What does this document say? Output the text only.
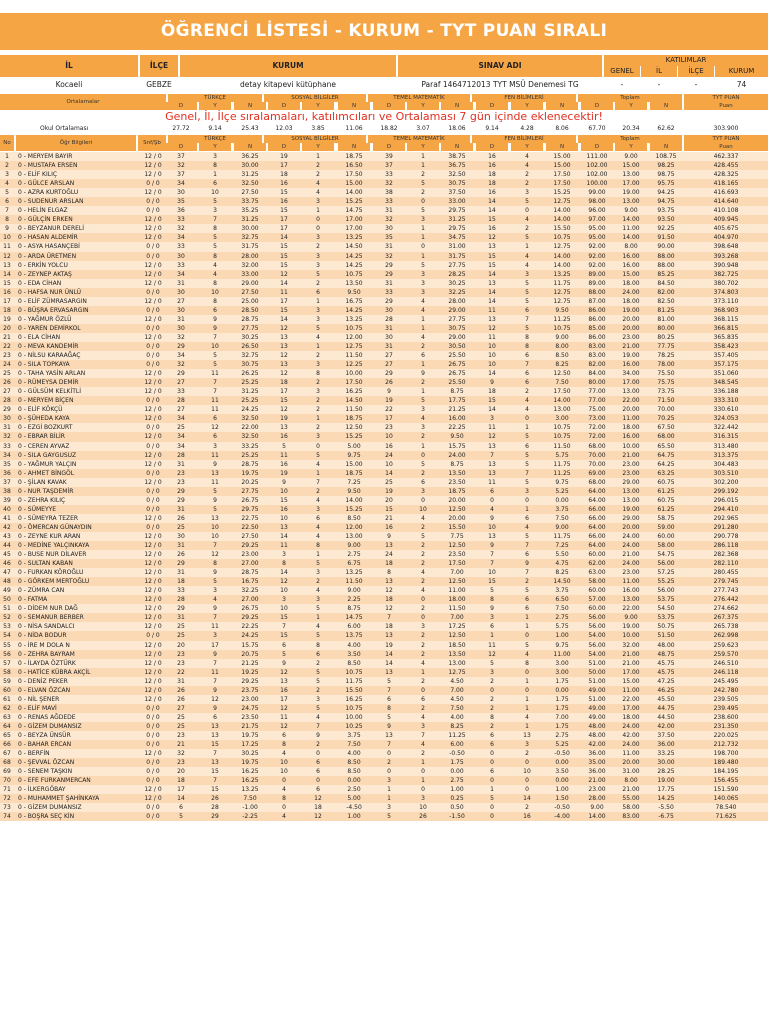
ÖĞRENCİ LİSTESİ - KURUM - TYT PUAN SIRALI
İL	İLÇE	KURUM	SINAV ADI
KATILIMLAR
GENEL	İL	İLÇE	KURUM
Kocaeli	GEBZE	detay kitapevi kütüphane	Paraf 1464712013 TYT MSÜ Denemesi TG	-	-	-	74
Ortalamalar
TÜRKÇE	SOSYAL BİLGİLER	TEMEL MATEMATİK	FEN BİLİMLERİ	Toplam	TYT PUAN
D	Y	N	D	Y	N	D	Y	N	D	Y	N	D	Y	N	Puan
Genel, İl, İlçe sıralamaları, katılımcıları ve Ortalaması 7 gün içinde eklenecektir!
Okul Ortalaması	27.72	9.14	25.43	12.03	3.85	11.06	18.82	3.07	18.06	9.14	4.28	8.06	67.70	20.34	62.62	303.900
No	Öğr Bilgileri	Snf/Şb
TÜRKÇE	SOSYAL BİLGİLER	TEMEL MATEMATİK	FEN BİLİMLERİ	Toplam	TYT PUAN
D	Y	N	D	Y	N	D	Y	N	D	Y	N	D	Y	N	Puan
1	0 - MERYEM BAYIR	12 / 0	37	3	36.25	19	1	18.75	39	1	38.75	16	4	15.00	111.00	9.00	108.75	462.337
2	0 - MUSTAFA ERSEN	12 / 0	32	8	30.00	17	2	16.50	37	1	36.75	16	4	15.00	102.00	15.00	98.25	428.455
3	0 - ELİF KILIÇ	12 / 0	37	1	31.25	18	2	17.50	33	2	32.50	18	2	17.50	102.00	13.00	98.75	428.325
4	0 - GÜLCE ARSLAN	0 / 0	34	6	32.50	16	4	15.00	32	5	30.75	18	2	17.50	100.00	17.00	95.75	418.165
5	0 - AZRA KURTOĞLU	12 / 0	30	10	27.50	15	4	14.00	38	2	37.50	16	3	15.25	99.00	19.00	94.25	416.693
6	0 - SUDENUR ARSLAN	0 / 0	35	5	33.75	16	3	15.25	33	0	33.00	14	5	12.75	98.00	13.00	94.75	414.640
7	0 - HELİN ELGAZ	0 / 0	36	3	35.25	15	1	14.75	31	5	29.75	14	0	14.00	96.00	9.00	93.75	410.108
8	0 - GÜLÇİN ERKEN	12 / 0	33	7	31.25	17	0	17.00	32	3	31.25	15	4	14.00	97.00	14.00	93.50	409.945
9	0 - BEYZANUR DERELİ	12 / 0	32	8	30.00	17	0	17.00	30	1	29.75	16	2	15.50	95.00	11.00	92.25	405.675
10	0 - HASAN ALDEMİR	12 / 0	34	5	32.75	14	3	13.25	35	1	34.75	12	5	10.75	95.00	14.00	91.50	404.970
11	0 - ASYA HASANÇEBİ	0 / 0	33	5	31.75	15	2	14.50	31	0	31.00	13	1	12.75	92.00	8.00	90.00	398.648
12	0 - ARDA ÜRETMEN	0 / 0	30	8	28.00	15	3	14.25	32	1	31.75	15	4	14.00	92.00	16.00	88.00	393.268
13	0 - ERKİN YOLCU	12 / 0	33	4	32.00	15	3	14.25	29	5	27.75	15	4	14.00	92.00	16.00	88.00	390.948
14	0 - ZEYNEP AKTAŞ	12 / 0	34	4	33.00	12	5	10.75	29	3	28.25	14	3	13.25	89.00	15.00	85.25	382.725
15	0 - EDA CİHAN	12 / 0	31	8	29.00	14	2	13.50	31	3	30.25	13	5	11.75	89.00	18.00	84.50	380.702
16	0 - HAFSA NUR ÜNLÜ	0 / 0	30	10	27.50	11	6	9.50	33	3	32.25	14	5	12.75	88.00	24.00	82.00	374.803
17	0 - ELİF ZÜMRASARGIN	12 / 0	27	8	25.00	17	1	16.75	29	4	28.00	14	5	12.75	87.00	18.00	82.50	373.110
18	0 - BÜŞRA ERVASARGIN	0 / 0	30	6	28.50	15	3	14.25	30	4	29.00	11	6	9.50	86.00	19.00	81.25	368.903
19	0 - YAĞMUR ÖZLÜ	12 / 0	31	9	28.75	14	3	13.25	28	1	27.75	13	7	11.25	86.00	20.00	81.00	368.115
20	0 - YAREN DEMİRKOL	0 / 0	30	9	27.75	12	5	10.75	31	1	30.75	12	5	10.75	85.00	20.00	80.00	366.815
21	0 - ELA CİHAN	12 / 0	32	7	30.25	13	4	12.00	30	4	29.00	11	8	9.00	86.00	23.00	80.25	365.835
22	0 - MEVA KANDEMİR	0 / 0	29	10	26.50	13	1	12.75	31	2	30.50	10	8	8.00	83.00	21.00	77.75	358.423
23	0 - NİLSU KARAAĞAÇ	0 / 0	34	5	32.75	12	2	11.50	27	6	25.50	10	6	8.50	83.00	19.00	78.25	357.405
24	0 - SILA TOPKAYA	0 / 0	32	5	30.75	13	3	12.25	27	1	26.75	10	7	8.25	82.00	16.00	78.00	357.175
25	0 - TAHA YASİN ARLAN	12 / 0	29	11	26.25	12	8	10.00	29	9	26.75	14	6	12.50	84.00	34.00	75.50	351.060
26	0 - RÜMEYSA DEMİR	12 / 0	27	7	25.25	18	2	17.50	26	2	25.50	9	6	7.50	80.00	17.00	75.75	348.545
27	0 - GÜLSÜM KELKİTLİ	12 / 0	33	7	31.25	17	3	16.25	9	1	8.75	18	2	17.50	77.00	13.00	73.75	336.188
28	0 - MERYEM BİÇEN	0 / 0	28	11	25.25	15	2	14.50	19	5	17.75	15	4	14.00	77.00	22.00	71.50	333.310
29	0 - ELİF KÖKÇÜ	12 / 0	27	11	24.25	12	2	11.50	22	3	21.25	14	4	13.00	75.00	20.00	70.00	330.610
30	0 - ŞÜHEDA KAYA	12 / 0	34	6	32.50	19	1	18.75	17	4	16.00	3	0	3.00	73.00	11.00	70.25	324.053
31	0 - EZGİ BOZKURT	0 / 0	25	12	22.00	13	2	12.50	23	3	22.25	11	1	10.75	72.00	18.00	67.50	322.442
32	0 - EBRAR BİLİR	12 / 0	34	6	32.50	16	3	15.25	10	2	9.50	12	5	10.75	72.00	16.00	68.00	316.315
33	0 - CEREN AYVAZ	0 / 0	34	3	33.25	5	0	5.00	16	1	15.75	13	6	11.50	68.00	10.00	65.50	313.480
34	0 - SILA GAYGUSUZ	12 / 0	28	11	25.25	11	5	9.75	24	0	24.00	7	5	5.75	70.00	21.00	64.75	313.375
35	0 - YAĞMUR YALÇIN	12 / 0	31	9	28.75	16	4	15.00	10	5	8.75	13	5	11.75	70.00	23.00	64.25	304.483
36	0 - AHMET BİNGÖL	0 / 0	23	13	19.75	19	1	18.75	14	2	13.50	13	7	11.25	69.00	23.00	63.25	303.510
37	0 - ŞİLAN KAVAK	12 / 0	23	11	20.25	9	7	7.25	25	6	23.50	11	5	9.75	68.00	29.00	60.75	302.200
38	0 - NUR TAŞDEMİR	0 / 0	29	5	27.75	10	2	9.50	19	3	18.75	6	3	5.25	64.00	13.00	61.25	299.192
39	0 - ZEHRA KILIÇ	0 / 0	29	9	26.75	15	4	14.00	20	0	20.00	0	0	0.00	64.00	13.00	60.75	296.015
40	0 - SÜMEYYE	0 / 0	31	5	29.75	16	3	15.25	15	10	12.50	4	1	3.75	66.00	19.00	61.25	294.410
41	0 - SÜMEYRA TEZER	12 / 0	26	13	22.75	10	6	8.50	21	4	20.00	9	6	7.50	66.00	29.00	58.75	292.965
42	0 - ÖMERCAN GÜNAYDIN	0 / 0	25	10	22.50	13	4	12.00	16	2	15.50	10	4	9.00	64.00	20.00	59.00	291.280
43	0 - ZEYNE KUR ARAN	12 / 0	30	10	27.50	14	4	13.00	9	5	7.75	13	5	11.75	66.00	24.00	60.00	290.778
44	0 - MEDİNE YALÇINKAYA	12 / 0	31	7	29.25	11	8	9.00	13	2	12.50	9	7	7.25	64.00	24.00	58.00	286.118
45	0 - BUSE NUR DİLAVER	12 / 0	26	12	23.00	3	1	2.75	24	2	23.50	7	6	5.50	60.00	21.00	54.75	282.368
46	0 - SULTAN KABAN	12 / 0	29	8	27.00	8	5	6.75	18	2	17.50	7	9	4.75	62.00	24.00	56.00	282.110
47	0 - FURKAN KÖROĞLU	12 / 0	31	9	28.75	14	3	13.25	8	4	7.00	10	7	8.25	63.00	23.00	57.25	280.455
48	0 - GÖRKEM MERTOĞLU	12 / 0	18	5	16.75	12	2	11.50	13	2	12.50	15	2	14.50	58.00	11.00	55.25	279.745
49	0 - ZÜMRA CAN	12 / 0	33	3	32.25	10	4	9.00	12	4	11.00	5	5	3.75	60.00	16.00	56.00	277.743
50	0 - FATMA	12 / 0	28	4	27.00	3	3	2.25	18	0	18.00	8	6	6.50	57.00	13.00	53.75	276.442
51	0 - DİDEM NUR DAĞ	12 / 0	29	9	26.75	10	5	8.75	12	2	11.50	9	6	7.50	60.00	22.00	54.50	274.662
52	0 - SEMANUR BERBER	12 / 0	31	7	29.25	15	1	14.75	7	0	7.00	3	1	2.75	56.00	9.00	53.75	267.375
53	0 - NİSA SANDALCI	12 / 0	25	11	22.25	7	4	6.00	18	3	17.25	6	1	5.75	56.00	19.00	50.75	265.738
54	0 - NİDA BODUR	0 / 0	25	3	24.25	15	5	13.75	13	2	12.50	1	0	1.00	54.00	10.00	51.50	262.998
55	0 - İRE M DOLA N	12 / 0	20	17	15.75	6	8	4.00	19	2	18.50	11	5	9.75	56.00	32.00	48.00	259.623
56	0 - ZEHRA BAYRAM	12 / 0	23	9	20.75	5	6	3.50	14	2	13.50	12	4	11.00	54.00	21.00	48.75	259.570
57	0 - İLAYDA ÖZTÜRK	12 / 0	23	7	21.25	9	2	8.50	14	4	13.00	5	8	3.00	51.00	21.00	45.75	246.510
58	0 - HATİCE KÜBRA AKÇİL	12 / 0	22	11	19.25	12	5	10.75	13	1	12.75	3	0	3.00	50.00	17.00	45.75	246.118
59	0 - DENİZ PEKER	12 / 0	31	7	29.25	13	5	11.75	5	2	4.50	2	1	1.75	51.00	15.00	47.25	245.495
60	0 - ELVAN ÖZCAN	12 / 0	26	9	23.75	16	2	15.50	7	0	7.00	0	0	0.00	49.00	11.00	46.25	242.780
61	0 - NİL ŞENER	12 / 0	26	12	23.00	17	3	16.25	6	6	4.50	2	1	1.75	51.00	22.00	45.50	239.505
62	0 - ELİF MAVİ	0 / 0	27	9	24.75	12	5	10.75	8	2	7.50	2	1	1.75	49.00	17.00	44.75	239.495
63	0 - RENAS AĞDEDE	0 / 0	25	6	23.50	11	4	10.00	5	4	4.00	8	4	7.00	49.00	18.00	44.50	238.600
64	0 - GİZEM DUMANSIZ	0 / 0	25	13	21.75	12	7	10.25	9	3	8.25	2	1	1.75	48.00	24.00	42.00	231.350
65	0 - BEYZA ÜNSÜR	0 / 0	23	13	19.75	6	9	3.75	13	7	11.25	6	13	2.75	48.00	42.00	37.50	220.025
66	0 - BAHAR ERCAN	0 / 0	21	15	17.25	8	2	7.50	7	4	6.00	6	3	5.25	42.00	24.00	36.00	212.732
67	0 - BERFİN	12 / 0	32	7	30.25	4	0	4.00	0	2	-0.50	0	2	-0.50	36.00	11.00	33.25	198.700
68	0 - ŞEVVAL ÖZCAN	0 / 0	23	13	19.75	10	6	8.50	2	1	1.75	0	0	0.00	35.00	20.00	30.00	189.480
69	0 - SENEM TAŞKIN	0 / 0	20	15	16.25	10	6	8.50	0	0	0.00	6	10	3.50	36.00	31.00	28.25	184.195
70	0 - EFE FURKANMERCAN	0 / 0	18	7	16.25	0	0	0.00	3	1	2.75	0	0	0.00	21.00	8.00	19.00	156.455
71	0 - İLKERGÖBAY	12 / 0	17	15	13.25	4	6	2.50	1	0	1.00	1	0	1.00	23.00	21.00	17.75	151.590
72	0 - MUHAMMET ŞAHİNKAYA	12 / 0	14	26	7.50	8	12	5.00	1	3	0.25	5	14	1.50	28.00	55.00	14.25	140.065
73	0 - GİZEM DUMANSIZ	0 / 0	6	28	-1.00	0	18	-4.50	3	10	0.50	0	2	-0.50	9.00	58.00	-5.50	78.540
74	0 - BOŞRA SEÇ KİN	0 / 0	5	29	-2.25	4	12	1.00	5	26	-1.50	0	16	-4.00	14.00	83.00	-6.75	71.625
